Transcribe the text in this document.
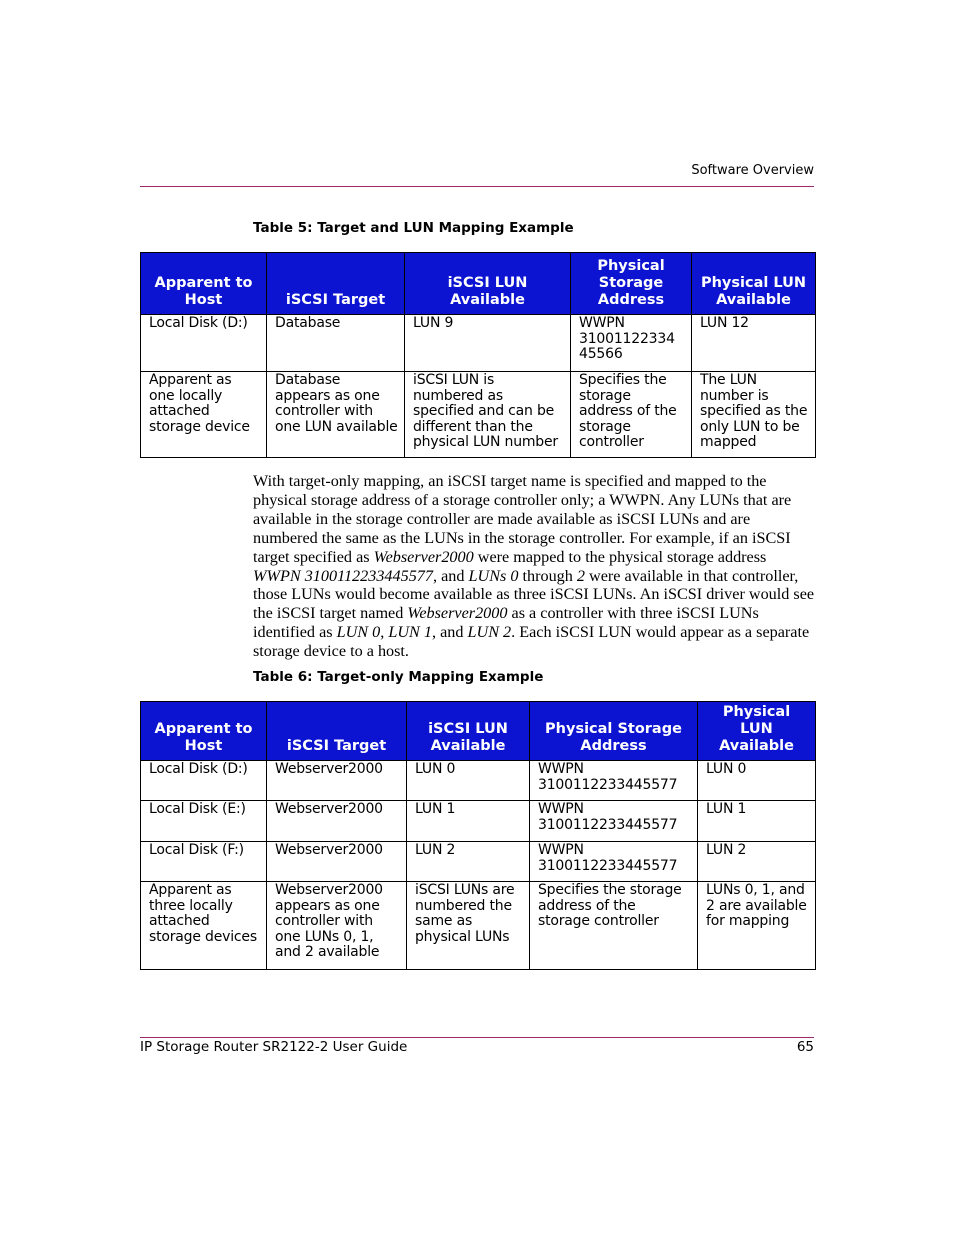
Software Overview
Table 5: Target and LUN Mapping Example
Apparent to Host	iSCSI Target	iSCSI LUN Available	Physical Storage Address	Physical LUN Available
Local Disk (D:)	Database	LUN 9	WWPN 31001122334 45566	LUN 12
Apparent as one locally attached storage device	Database appears as one controller with one LUN available	iSCSI LUN is numbered as specified and can be different than the physical LUN number	Specifies the storage address of the storage controller	The LUN number is specified as the only LUN to be mapped

With target-only mapping, an iSCSI target name is specified and mapped to the physical storage address of a storage controller only; a WWPN. Any LUNs that are available in the storage controller are made available as iSCSI LUNs and are numbered the same as the LUNs in the storage controller. For example, if an iSCSI target specified as Webserver2000 were mapped to the physical storage address WWPN 3100112233445577, and LUNs 0 through 2 were available in that controller, those LUNs would become available as three iSCSI LUNs. An iSCSI driver would see the iSCSI target named Webserver2000 as a controller with three iSCSI LUNs identified as LUN 0, LUN 1, and LUN 2. Each iSCSI LUN would appear as a separate storage device to a host.

Table 6: Target-only Mapping Example
Apparent to Host	iSCSI Target	iSCSI LUN Available	Physical Storage Address	Physical LUN Available
Local Disk (D:)	Webserver2000	LUN 0	WWPN 3100112233445577	LUN 0
Local Disk (E:)	Webserver2000	LUN 1	WWPN 3100112233445577	LUN 1
Local Disk (F:)	Webserver2000	LUN 2	WWPN 3100112233445577	LUN 2
Apparent as three locally attached storage devices	Webserver2000 appears as one controller with one LUNs 0, 1, and 2 available	iSCSI LUNs are numbered the same as physical LUNs	Specifies the storage address of the storage controller	LUNs 0, 1, and 2 are available for mapping
IP Storage Router SR2122-2 User Guide	65
